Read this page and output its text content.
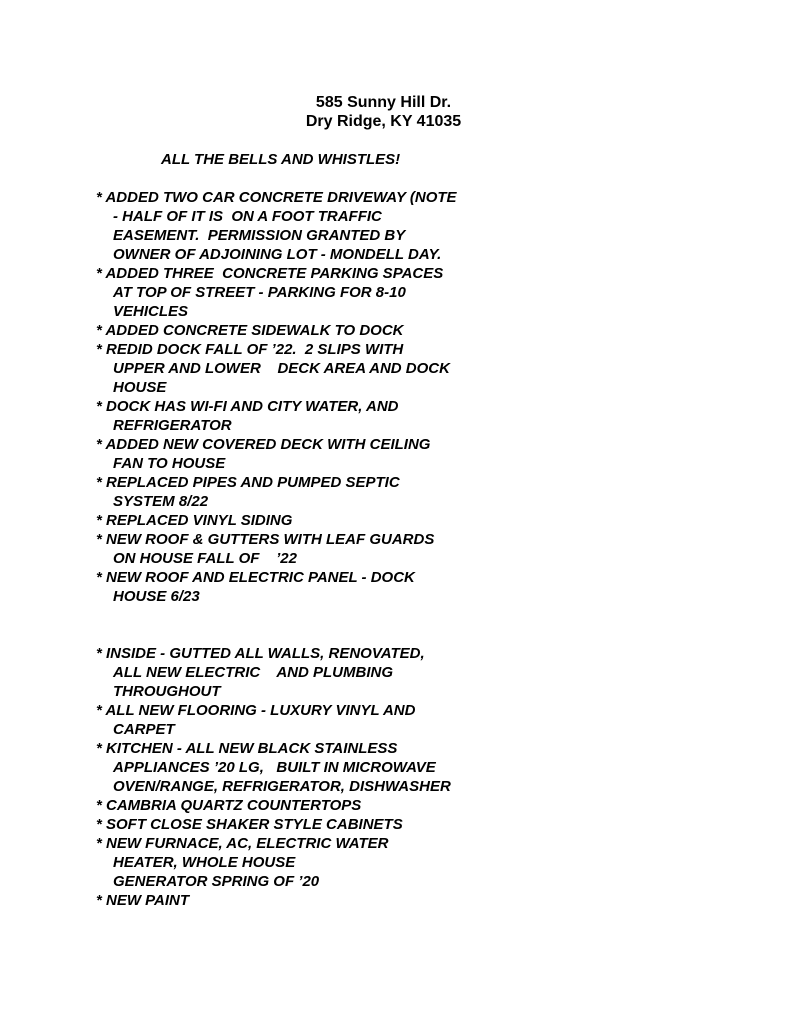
585 Sunny Hill Dr.
Dry Ridge, KY 41035
ALL THE BELLS AND WHISTLES!
* ADDED TWO CAR CONCRETE DRIVEWAY (NOTE
- HALF OF IT IS  ON A FOOT TRAFFIC
EASEMENT.  PERMISSION GRANTED BY
OWNER OF ADJOINING LOT - MONDELL DAY.
* ADDED THREE  CONCRETE PARKING SPACES
AT TOP OF STREET - PARKING FOR 8-10
VEHICLES
* ADDED CONCRETE SIDEWALK TO DOCK
* REDID DOCK FALL OF ’22.  2 SLIPS WITH
UPPER AND LOWER    DECK AREA AND DOCK
HOUSE
* DOCK HAS WI-FI AND CITY WATER, AND
REFRIGERATOR
* ADDED NEW COVERED DECK WITH CEILING
FAN TO HOUSE
* REPLACED PIPES AND PUMPED SEPTIC
SYSTEM 8/22
* REPLACED VINYL SIDING
* NEW ROOF & GUTTERS WITH LEAF GUARDS
ON HOUSE FALL OF    ’22
* NEW ROOF AND ELECTRIC PANEL - DOCK
HOUSE 6/23
* INSIDE - GUTTED ALL WALLS, RENOVATED,
ALL NEW ELECTRIC    AND PLUMBING
THROUGHOUT
* ALL NEW FLOORING - LUXURY VINYL AND
CARPET
* KITCHEN - ALL NEW BLACK STAINLESS
APPLIANCES ’20 LG,   BUILT IN MICROWAVE
OVEN/RANGE, REFRIGERATOR, DISHWASHER
* CAMBRIA QUARTZ COUNTERTOPS
* SOFT CLOSE SHAKER STYLE CABINETS
* NEW FURNACE, AC, ELECTRIC WATER
HEATER, WHOLE HOUSE
GENERATOR SPRING OF ’20
* NEW PAINT
